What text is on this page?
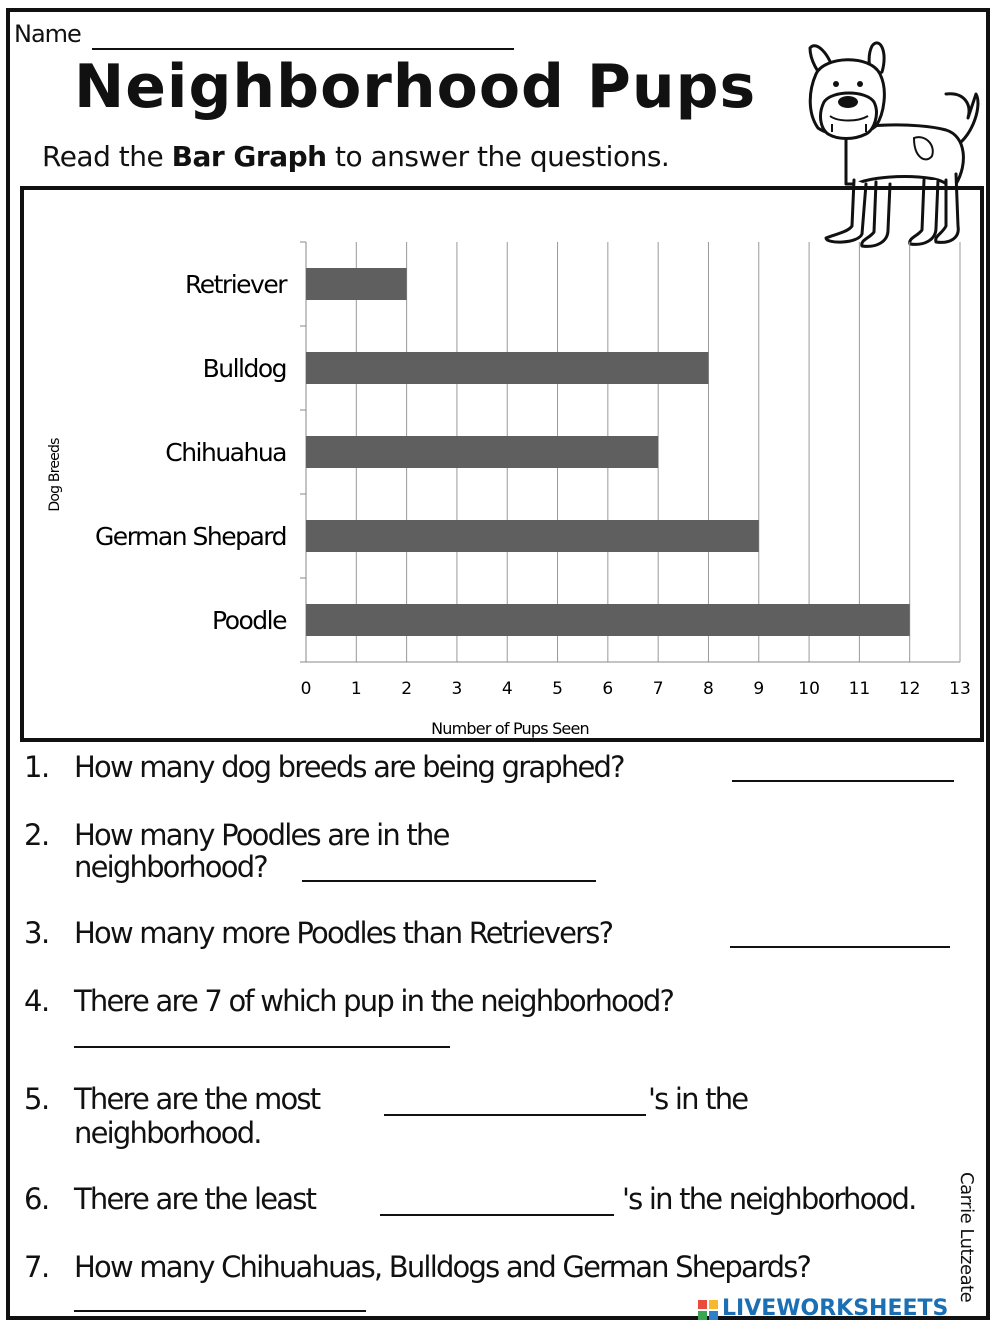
Name
Neighborhood Pups
Read the Bar Graph to answer the questions.
Retriever
Bulldog
Chihuahua
German Shepard
Poodle
0 1 2 3 4 5 6 7 8 9 10 11 12 13
Number of Pups Seen
Dog Breeds
1. How many dog breeds are being graphed?
2. How many Poodles are in the
neighborhood?
3. How many more Poodles than Retrievers?
4. There are 7 of which pup in the neighborhood?
5. There are the most	's in the
neighborhood.
6. There are the least	's in the neighborhood.
7. How many Chihuahuas, Bulldogs and German Shepards?	Carrie Lutzeate
LIVEWORKSHEETS
